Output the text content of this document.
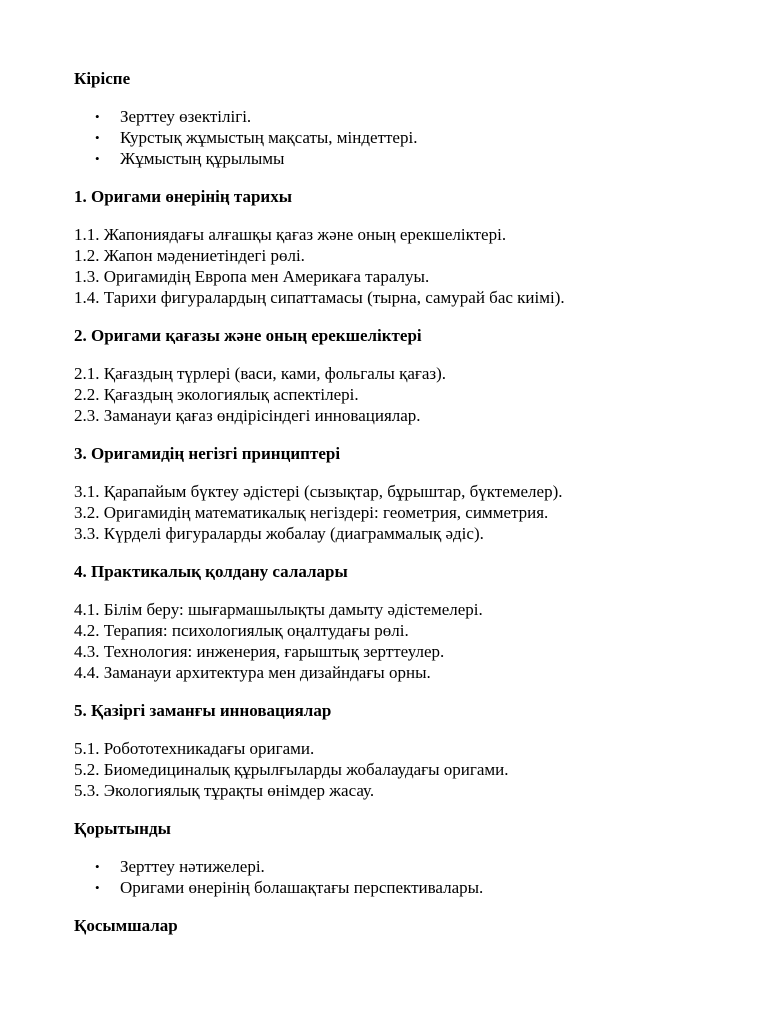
Кіріспе
• Зерттеу өзектілігі.
• Курстық жұмыстың мақсаты, міндеттері.
• Жұмыстың құрылымы
1. Оригами өнерінің тарихы
1.1. Жапониядағы алғашқы қағаз және оның ерекшеліктері.
1.2. Жапон мәдениетіндегі рөлі.
1.3. Оригамидің Европа мен Америкаға таралуы.
1.4. Тарихи фигуралардың сипаттамасы (тырна, самурай бас киімі).
2. Оригами қағазы және оның ерекшеліктері
2.1. Қағаздың түрлері (васи, ками, фольгалы қағаз).
2.2. Қағаздың экологиялық аспектілері.
2.3. Заманауи қағаз өндірісіндегі инновациялар.
3. Оригамидің негізгі принциптері
3.1. Қарапайым бүктеу әдістері (сызықтар, бұрыштар, бүктемелер).
3.2. Оригамидің математикалық негіздері: геометрия, симметрия.
3.3. Күрделі фигураларды жобалау (диаграммалық әдіс).
4. Практикалық қолдану салалары
4.1. Білім беру: шығармашылықты дамыту әдістемелері.
4.2. Терапия: психологиялық оңалтудағы рөлі.
4.3. Технология: инженерия, ғарыштық зерттеулер.
4.4. Заманауи архитектура мен дизайндағы орны.
5. Қазіргі заманғы инновациялар
5.1. Робототехникадағы оригами.
5.2. Биомедициналық құрылғыларды жобалаудағы оригами.
5.3. Экологиялық тұрақты өнімдер жасау.
Қорытынды
• Зерттеу нәтижелері.
• Оригами өнерінің болашақтағы перспективалары.
Қосымшалар
